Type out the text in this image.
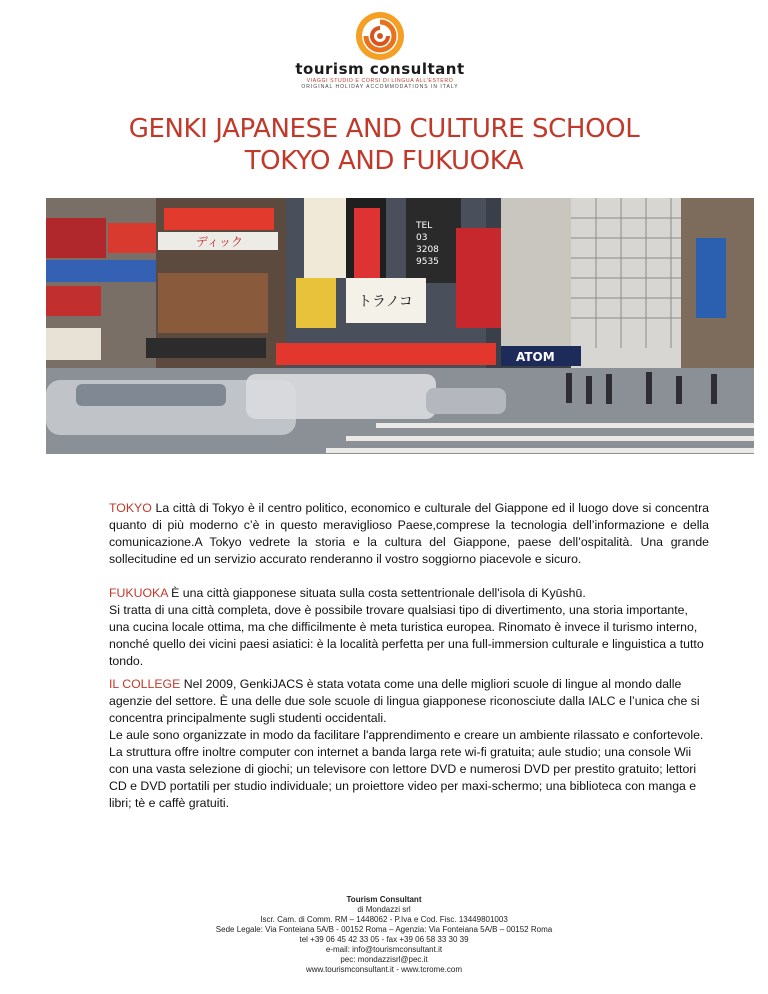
tourism consultant
VIAGGI STUDIO E CORSI DI LINGUA ALL'ESTERO
ORIGINAL HOLIDAY ACCOMMODATIONS IN ITALY
GENKI JAPANESE AND CULTURE SCHOOL
TOKYO AND FUKUOKA
ディック
TEL
03
3208
9535
トラノコ
ATOM

TOKYO La città di Tokyo è il centro politico, economico e culturale del Giappone ed il luogo dove si concentra quanto di più moderno c’è in questo meraviglioso Paese,comprese la tecnologia dell’informazione e della comunicazione.A Tokyo vedrete la storia e la cultura del Giappone, paese dell’ospitalità. Una grande sollecitudine ed un servizio accurato renderanno il vostro soggiorno piacevole e sicuro.

FUKUOKA È una città giapponese situata sulla costa settentrionale dell'isola di Kyūshū.

Si tratta di una città completa, dove è possibile trovare qualsiasi tipo di divertimento, una storia importante, una cucina locale ottima, ma che difficilmente è meta turistica europea. Rinomato è invece il turismo interno, nonché quello dei vicini paesi asiatici: è la località perfetta per una full-immersion culturale e linguistica a tutto tondo.

IL COLLEGE Nel 2009, GenkiJACS è stata votata come una delle migliori scuole di lingue al mondo dalle agenzie del settore. È una delle due sole scuole di lingua giapponese riconosciute dalla IALC e l’unica che si concentra principalmente sugli studenti occidentali.

Le aule sono organizzate in modo da facilitare l'apprendimento e creare un ambiente rilassato e confortevole. La struttura offre inoltre computer con internet a banda larga rete wi-fi gratuita; aule studio; una console Wii con una vasta selezione di giochi; un televisore con lettore DVD e numerosi DVD per prestito gratuito; lettori CD e DVD portatili per studio individuale; un proiettore video per maxi-schermo; una biblioteca con manga e libri; tè e caffè gratuiti.

Tourism Consultant
di Mondazzi srl
Iscr. Cam. di Comm. RM – 1448062 - P.Iva e Cod. Fisc. 13449801003
Sede Legale: Via Fonteiana 5A/B - 00152 Roma – Agenzia: Via Fonteiana 5A/B – 00152 Roma
tel +39 06 45 42 33 05 - fax +39 06 58 33 30 39
e-mail: info@tourismconsultant.it
pec: mondazzisrl@pec.it
www.tourismconsultant.it - www.tcrome.com
